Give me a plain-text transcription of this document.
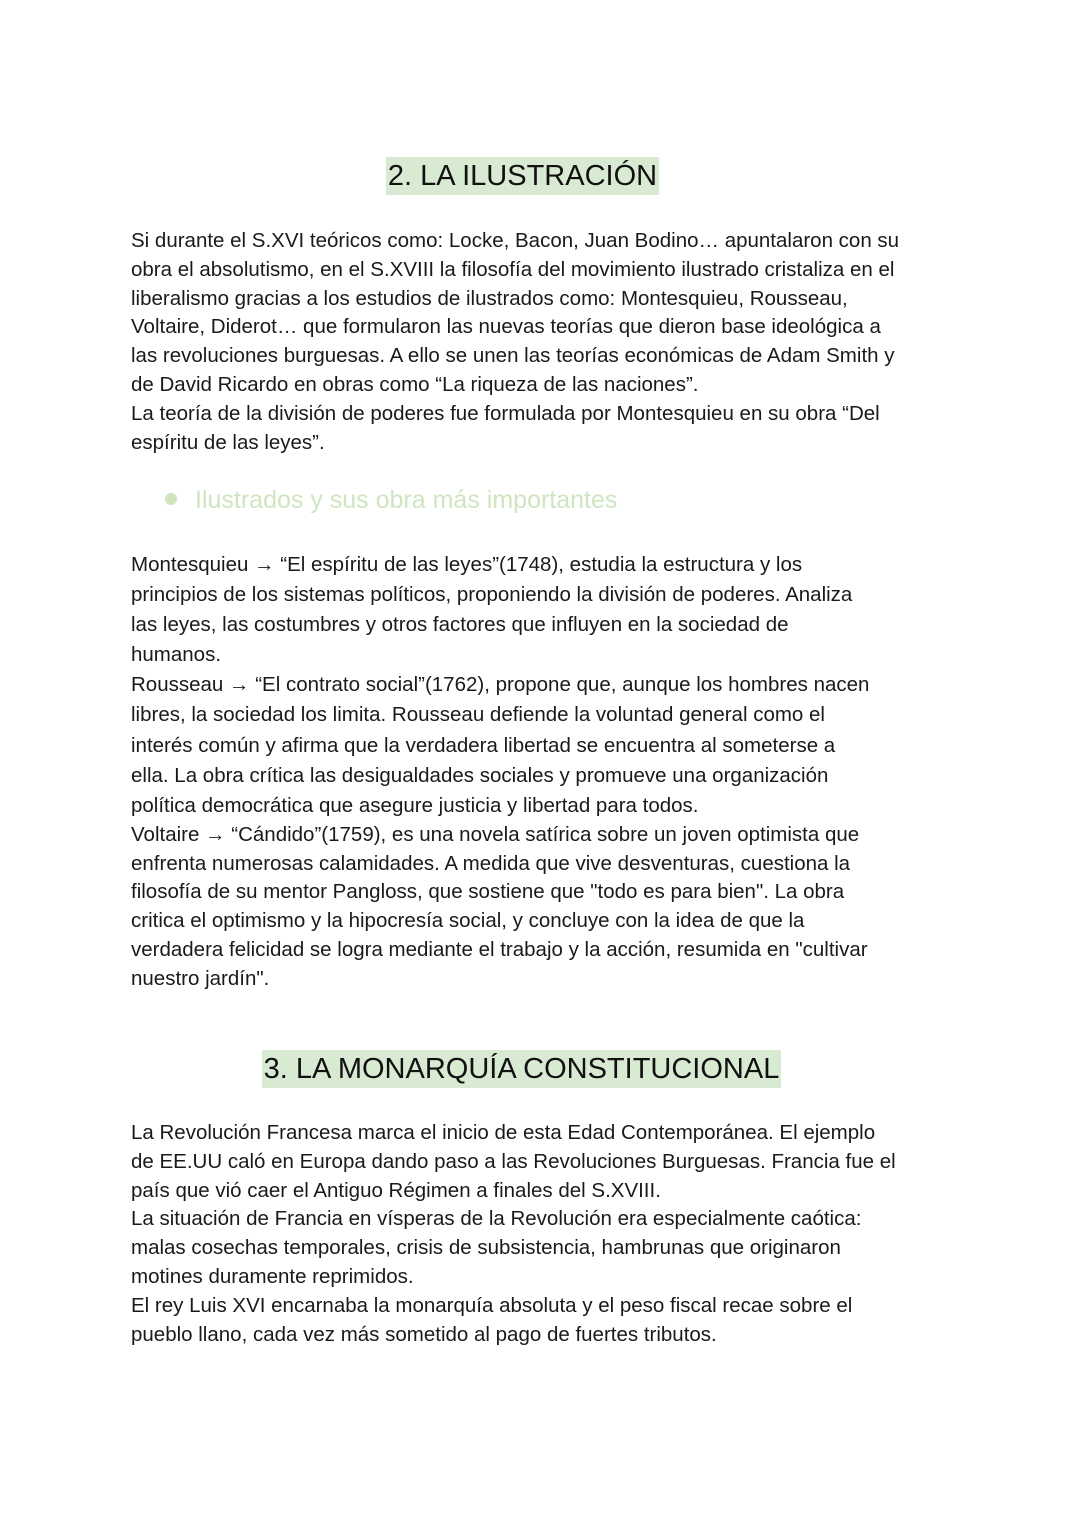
2. LA ILUSTRACIÓN

Si durante el S.XVI teóricos como: Locke, Bacon, Juan Bodino… apuntalaron con su

obra el absolutismo, en el S.XVIII la filosofía del movimiento ilustrado cristaliza en el

liberalismo gracias a los estudios de ilustrados como: Montesquieu, Rousseau,

Voltaire, Diderot… que formularon las nuevas teorías que dieron base ideológica a

las revoluciones burguesas. A ello se unen las teorías económicas de Adam Smith y

de David Ricardo en obras como “La riqueza de las naciones”.

La teoría de la división de poderes fue formulada por Montesquieu en su obra “Del

espíritu de las leyes”.

Ilustrados y sus obra más importantes

Montesquieu → “El espíritu de las leyes”(1748), estudia la estructura y los

principios de los sistemas políticos, proponiendo la división de poderes. Analiza

las leyes, las costumbres y otros factores que influyen en la sociedad de

humanos.

Rousseau → “El contrato social”(1762), propone que, aunque los hombres nacen

libres, la sociedad los limita. Rousseau defiende la voluntad general como el

interés común y afirma que la verdadera libertad se encuentra al someterse a

ella. La obra crítica las desigualdades sociales y promueve una organización

política democrática que asegure justicia y libertad para todos.

Voltaire → “Cándido”(1759), es una novela satírica sobre un joven optimista que

enfrenta numerosas calamidades. A medida que vive desventuras, cuestiona la

filosofía de su mentor Pangloss, que sostiene que "todo es para bien". La obra

critica el optimismo y la hipocresía social, y concluye con la idea de que la

verdadera felicidad se logra mediante el trabajo y la acción, resumida en "cultivar

nuestro jardín".

3. LA MONARQUÍA CONSTITUCIONAL

La Revolución Francesa marca el inicio de esta Edad Contemporánea. El ejemplo

de EE.UU caló en Europa dando paso a las Revoluciones Burguesas. Francia fue el

país que vió caer el Antiguo Régimen a finales del S.XVIII.

La situación de Francia en vísperas de la Revolución era especialmente caótica:

malas cosechas temporales, crisis de subsistencia, hambrunas que originaron

motines duramente reprimidos.

El rey Luis XVI encarnaba la monarquía absoluta y el peso fiscal recae sobre el

pueblo llano, cada vez más sometido al pago de fuertes tributos.
